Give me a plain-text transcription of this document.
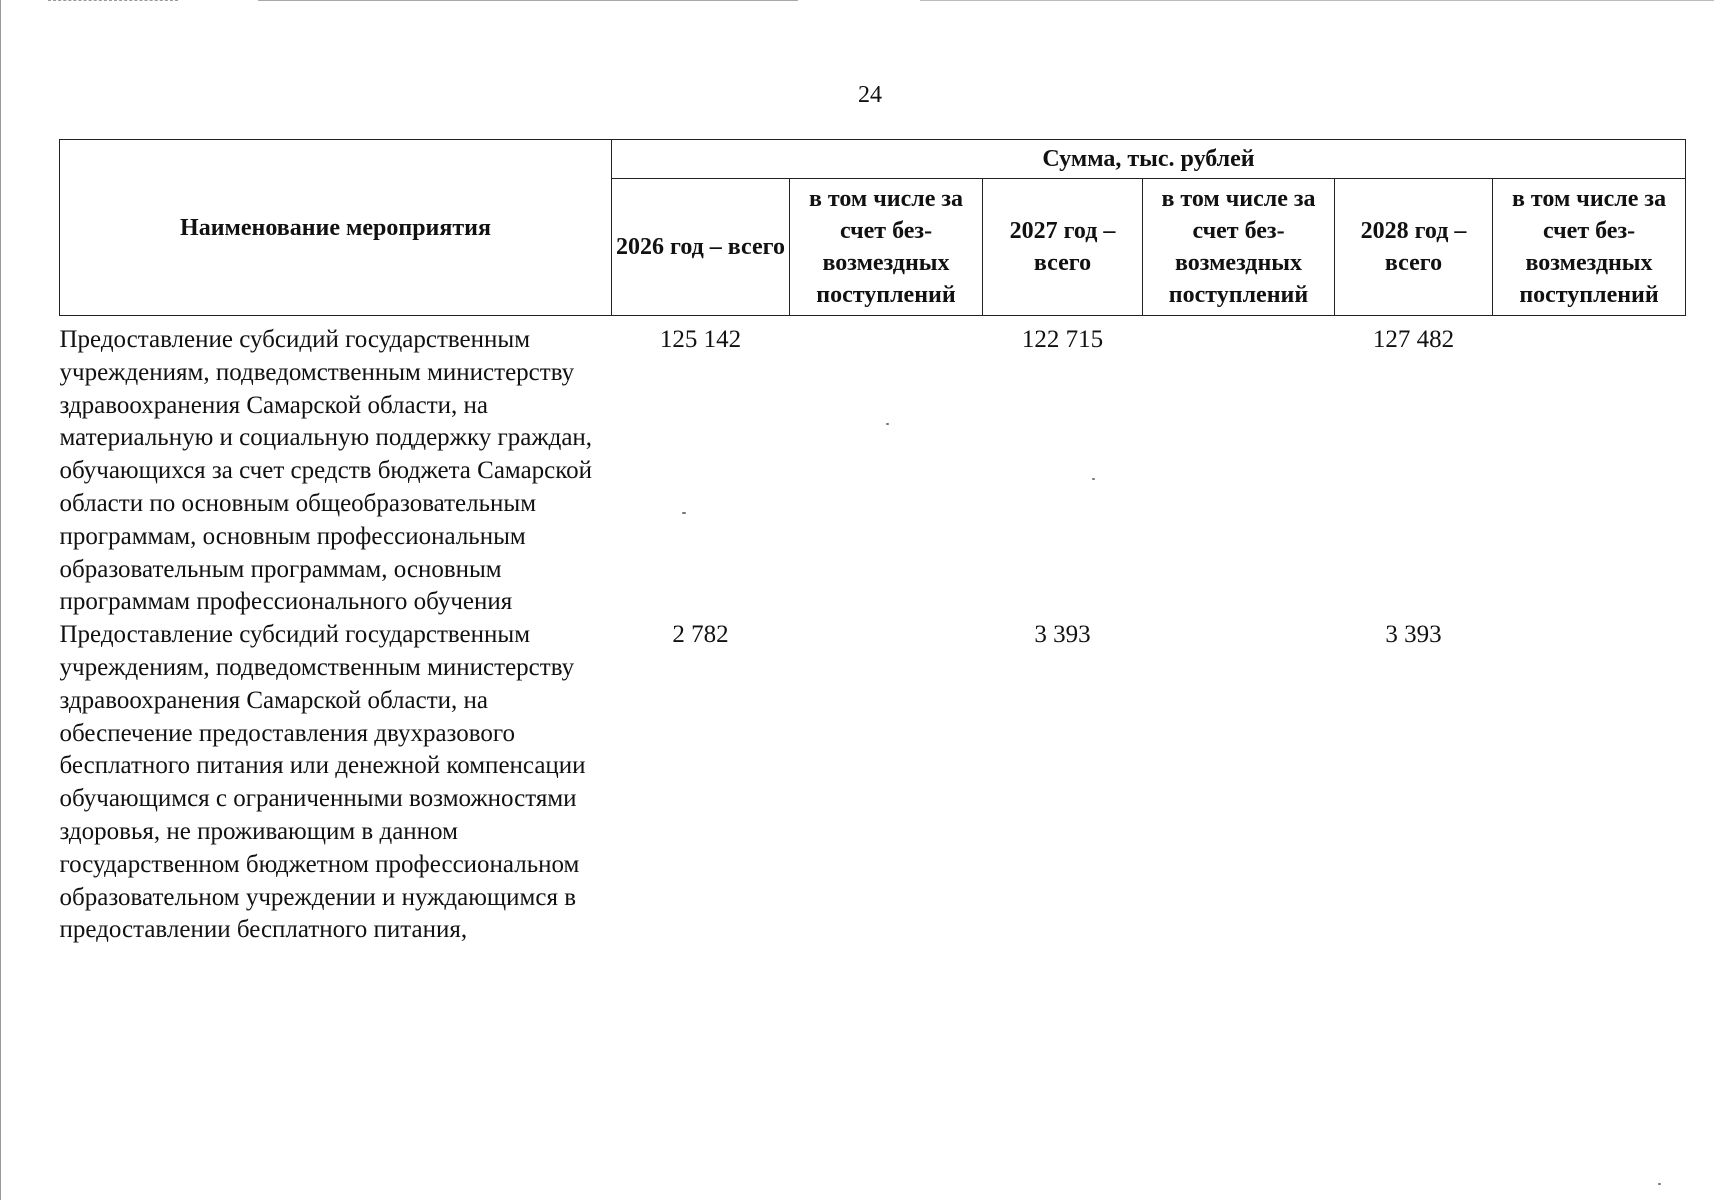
24
Наименование мероприятия	Сумма, тыс. рублей					
	2026 год – всего	в том числе за счет без-возмездных поступлений	2027 год – всего	в том числе за счет без-возмездных поступлений	2028 год – всего	в том числе за счет без-возмездных поступлений
Предоставление субсидий государственным учреждениям, подведомственным министерству здравоохранения Самарской области, на материальную и социальную поддержку граждан, обучающихся за счет средств бюджета Самарской области по основным общеобразовательным программам, основным профессиональным образовательным программам, основным программам профессионального обучения	125 142		122 715		127 482	
Предоставление субсидий государственным учреждениям, подведомственным министерству здравоохранения Самарской области, на обеспечение предоставления двухразового бесплатного питания или денежной компенсации обучающимся с ограниченными возможностями здоровья, не проживающим в данном государственном бюджетном профессиональном образовательном учреждении и нуждающимся в предоставлении бесплатного питания,	2 782		3 393		3 393	
